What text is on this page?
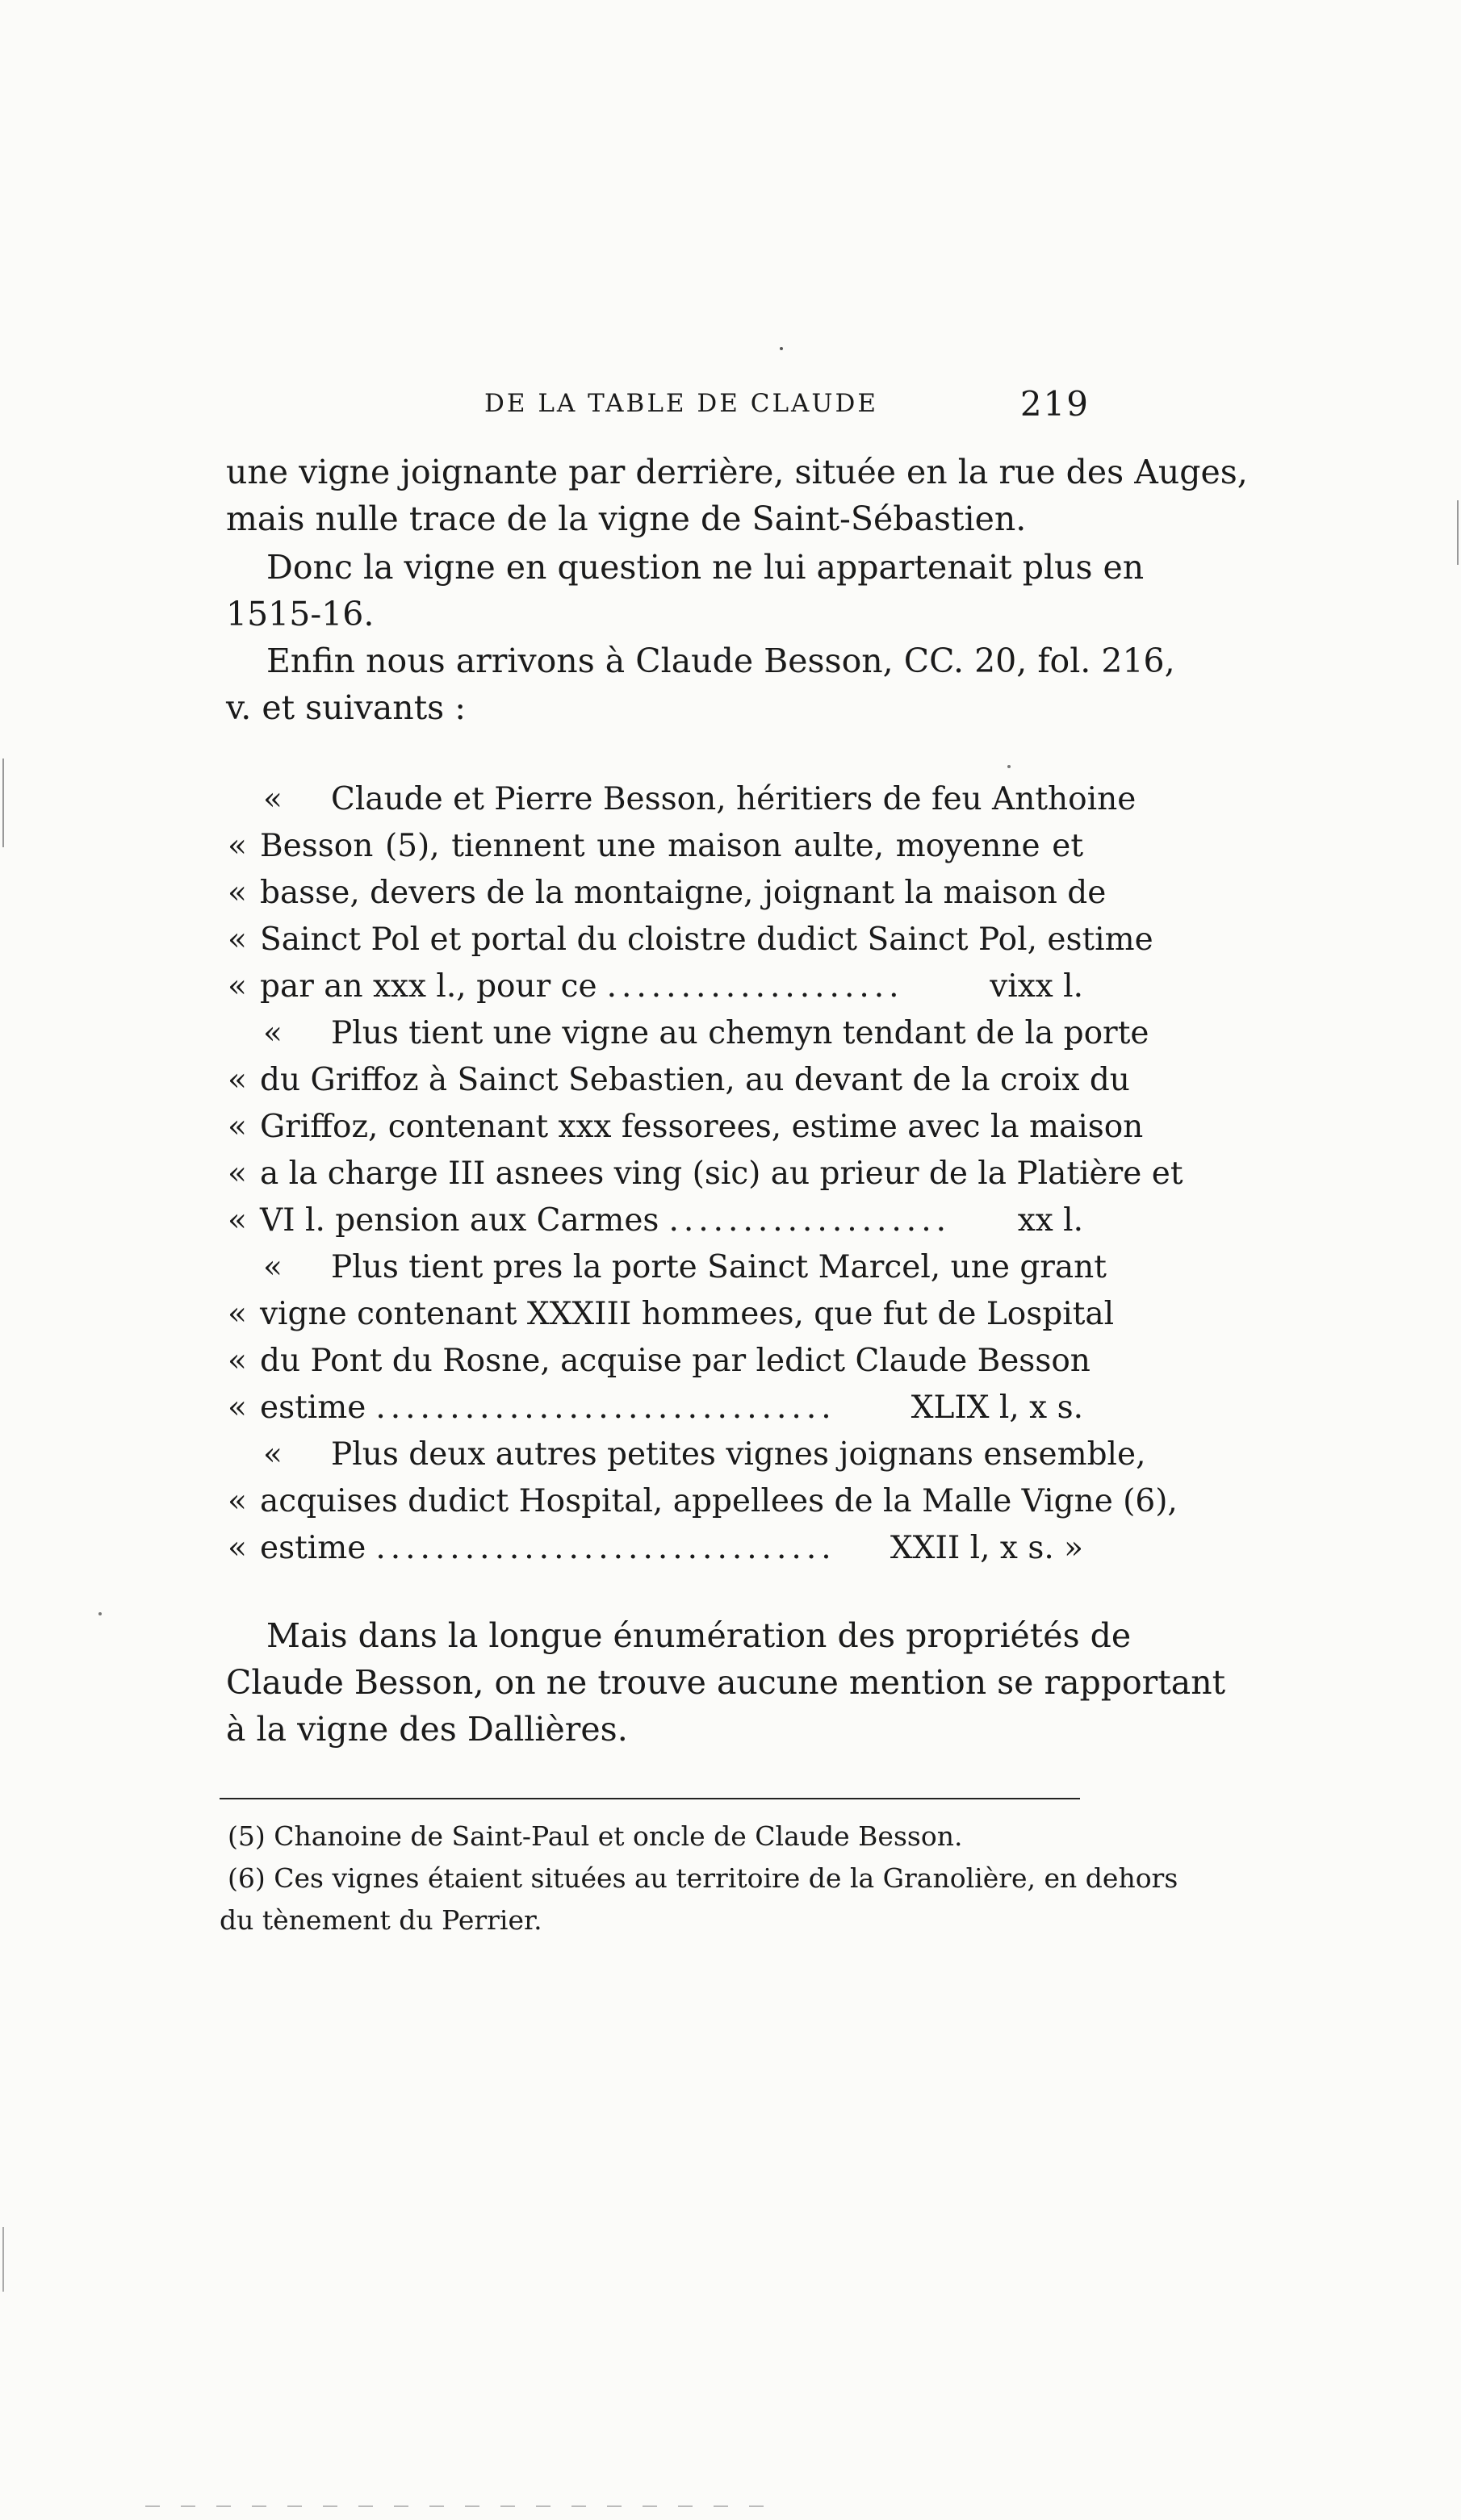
DE LA TABLE DE CLAUDE	219
une vigne joignante par derrière, située en la rue des Auges,
mais nulle trace de la vigne de Saint-Sébastien.
Donc la vigne en question ne lui appartenait plus en
1515-16.
Enfin nous arrivons à Claude Besson, CC. 20, fol. 216,
v. et suivants :
«	Claude et Pierre Besson, héritiers de feu Anthoine
« Besson (5), tiennent une maison aulte, moyenne et
« basse, devers de la montaigne, joignant la maison de
« Sainct Pol et portal du cloistre dudict Sainct Pol, estime
« par an xxx l., pour ce ....................	vixx l.
«	Plus tient une vigne au chemyn tendant de la porte
« du Griffoz à Sainct Sebastien, au devant de la croix du
« Griffoz, contenant xxx fessorees, estime avec la maison
« a la charge III asnees ving (sic) au prieur de la Platière et
« VI l. pension aux Carmes ...................	xx l.
«	Plus tient pres la porte Sainct Marcel, une grant
« vigne contenant XXXIII hommees, que fut de Lospital
« du Pont du Rosne, acquise par ledict Claude Besson
« estime ...............................	XLIX l, x s.
«	Plus deux autres petites vignes joignans ensemble,
« acquises dudict Hospital, appellees de la Malle Vigne (6),
« estime ...............................	XXII l, x s. »
Mais dans la longue énumération des propriétés de
Claude Besson, on ne trouve aucune mention se rapportant
à la vigne des Dallières.
(5) Chanoine de Saint-Paul et oncle de Claude Besson.
(6) Ces vignes étaient situées au territoire de la Granolière, en dehors
du tènement du Perrier.
